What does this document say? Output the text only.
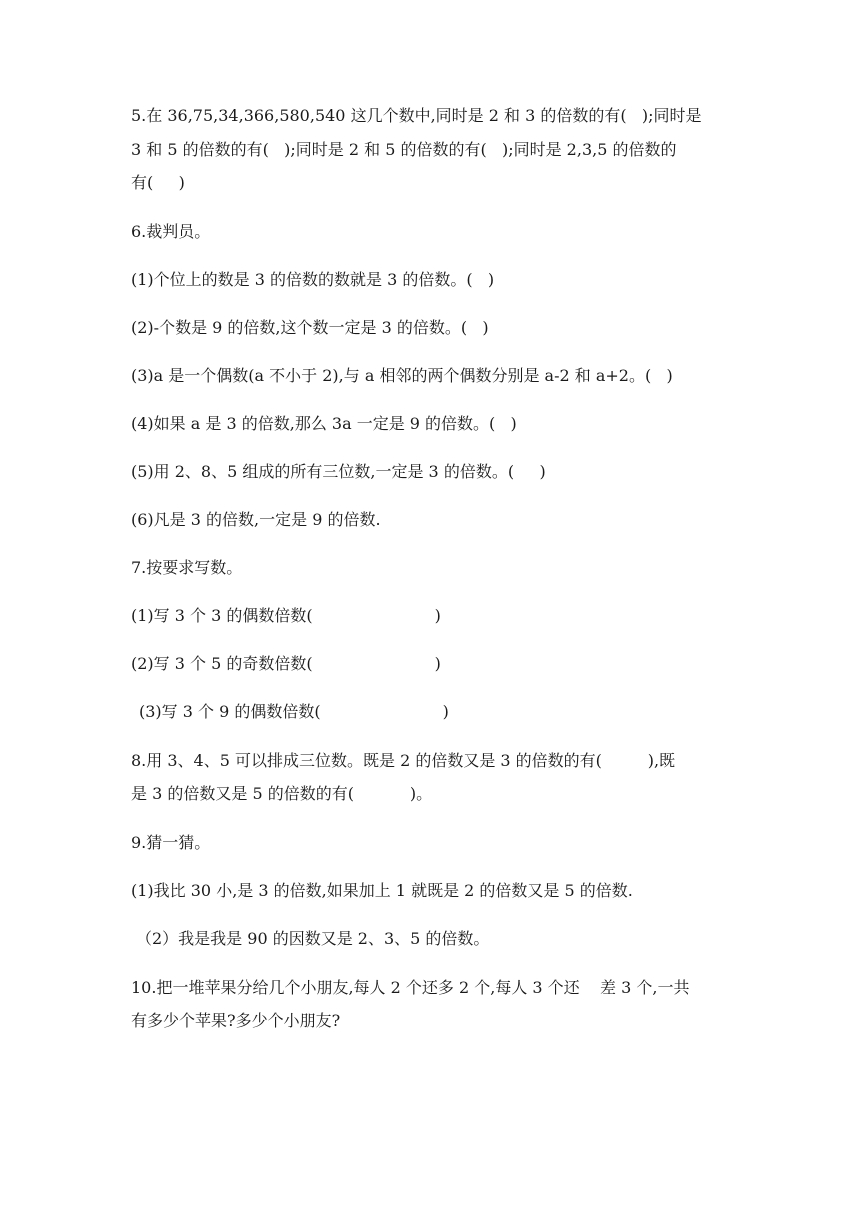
5.在 36,75,34,366,580,540 这几个数中,同时是 2 和 3 的倍数的有(   );同时是
3 和 5 的倍数的有(   );同时是 2 和 5 的倍数的有(   );同时是 2,3,5 的倍数的
有(     )
6.裁判员。
(1)个位上的数是 3 的倍数的数就是 3 的倍数。(   )
(2)-个数是 9 的倍数,这个数一定是 3 的倍数。(   )
(3)a 是一个偶数(a 不小于 2),与 a 相邻的两个偶数分别是 a-2 和 a+2。(   )
(4)如果 a 是 3 的倍数,那么 3a 一定是 9 的倍数。(   )
(5)用 2、8、5 组成的所有三位数,一定是 3 的倍数。(     )
(6)凡是 3 的倍数,一定是 9 的倍数.
7.按要求写数。
(1)写 3 个 3 的偶数倍数(                        )
(2)写 3 个 5 的奇数倍数(                        )
(3)写 3 个 9 的偶数倍数(                        )
8.用 3、4、5 可以排成三位数。既是 2 的倍数又是 3 的倍数的有(         ),既
是 3 的倍数又是 5 的倍数的有(           )。
9.猜一猜。
(1)我比 30 小,是 3 的倍数,如果加上 1 就既是 2 的倍数又是 5 的倍数.
（2）我是我是 90 的因数又是 2、3、5 的倍数。
10.把一堆苹果分给几个小朋友,每人 2 个还多 2 个,每人 3 个还    差 3 个,一共
有多少个苹果?多少个小朋友?
